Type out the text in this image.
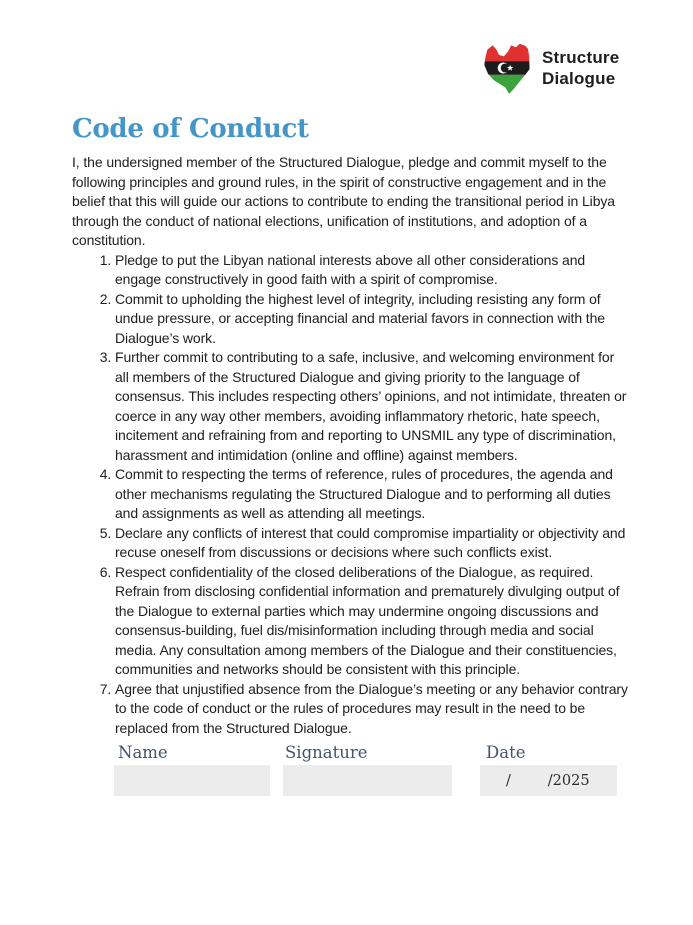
Structure
Dialogue
Code of Conduct

I, the undersigned member of the Structured Dialogue, pledge and commit myself to the following principles and ground rules, in the spirit of constructive engagement and in the belief that this will guide our actions to contribute to ending the transitional period in Libya through the conduct of national elections, unification of institutions, and adoption of a constitution.

1. Pledge to put the Libyan national interests above all other considerations and engage constructively in good faith with a spirit of compromise.
2. Commit to upholding the highest level of integrity, including resisting any form of undue pressure, or accepting financial and material favors in connection with the Dialogue’s work.
3. Further commit to contributing to a safe, inclusive, and welcoming environment for all members of the Structured Dialogue and giving priority to the language of consensus. This includes respecting others’ opinions, and not intimidate, threaten or coerce in any way other members, avoiding inflammatory rhetoric, hate speech, incitement and refraining from and reporting to UNSMIL any type of discrimination, harassment and intimidation (online and offline) against members.
4. Commit to respecting the terms of reference, rules of procedures, the agenda and other mechanisms regulating the Structured Dialogue and to performing all duties and assignments as well as attending all meetings.
5. Declare any conflicts of interest that could compromise impartiality or objectivity and recuse oneself from discussions or decisions where such conflicts exist.
6. Respect confidentiality of the closed deliberations of the Dialogue, as required. Refrain from disclosing confidential information and prematurely divulging output of the Dialogue to external parties which may undermine ongoing discussions and consensus-building, fuel dis/misinformation including through media and social media. Any consultation among members of the Dialogue and their constituencies, communities and networks should be consistent with this principle.
7. Agree that unjustified absence from the Dialogue’s meeting or any behavior contrary to the code of conduct or the rules of procedures may result in the need to be replaced from the Structured Dialogue.
Name	Signature	Date
/        /2025
